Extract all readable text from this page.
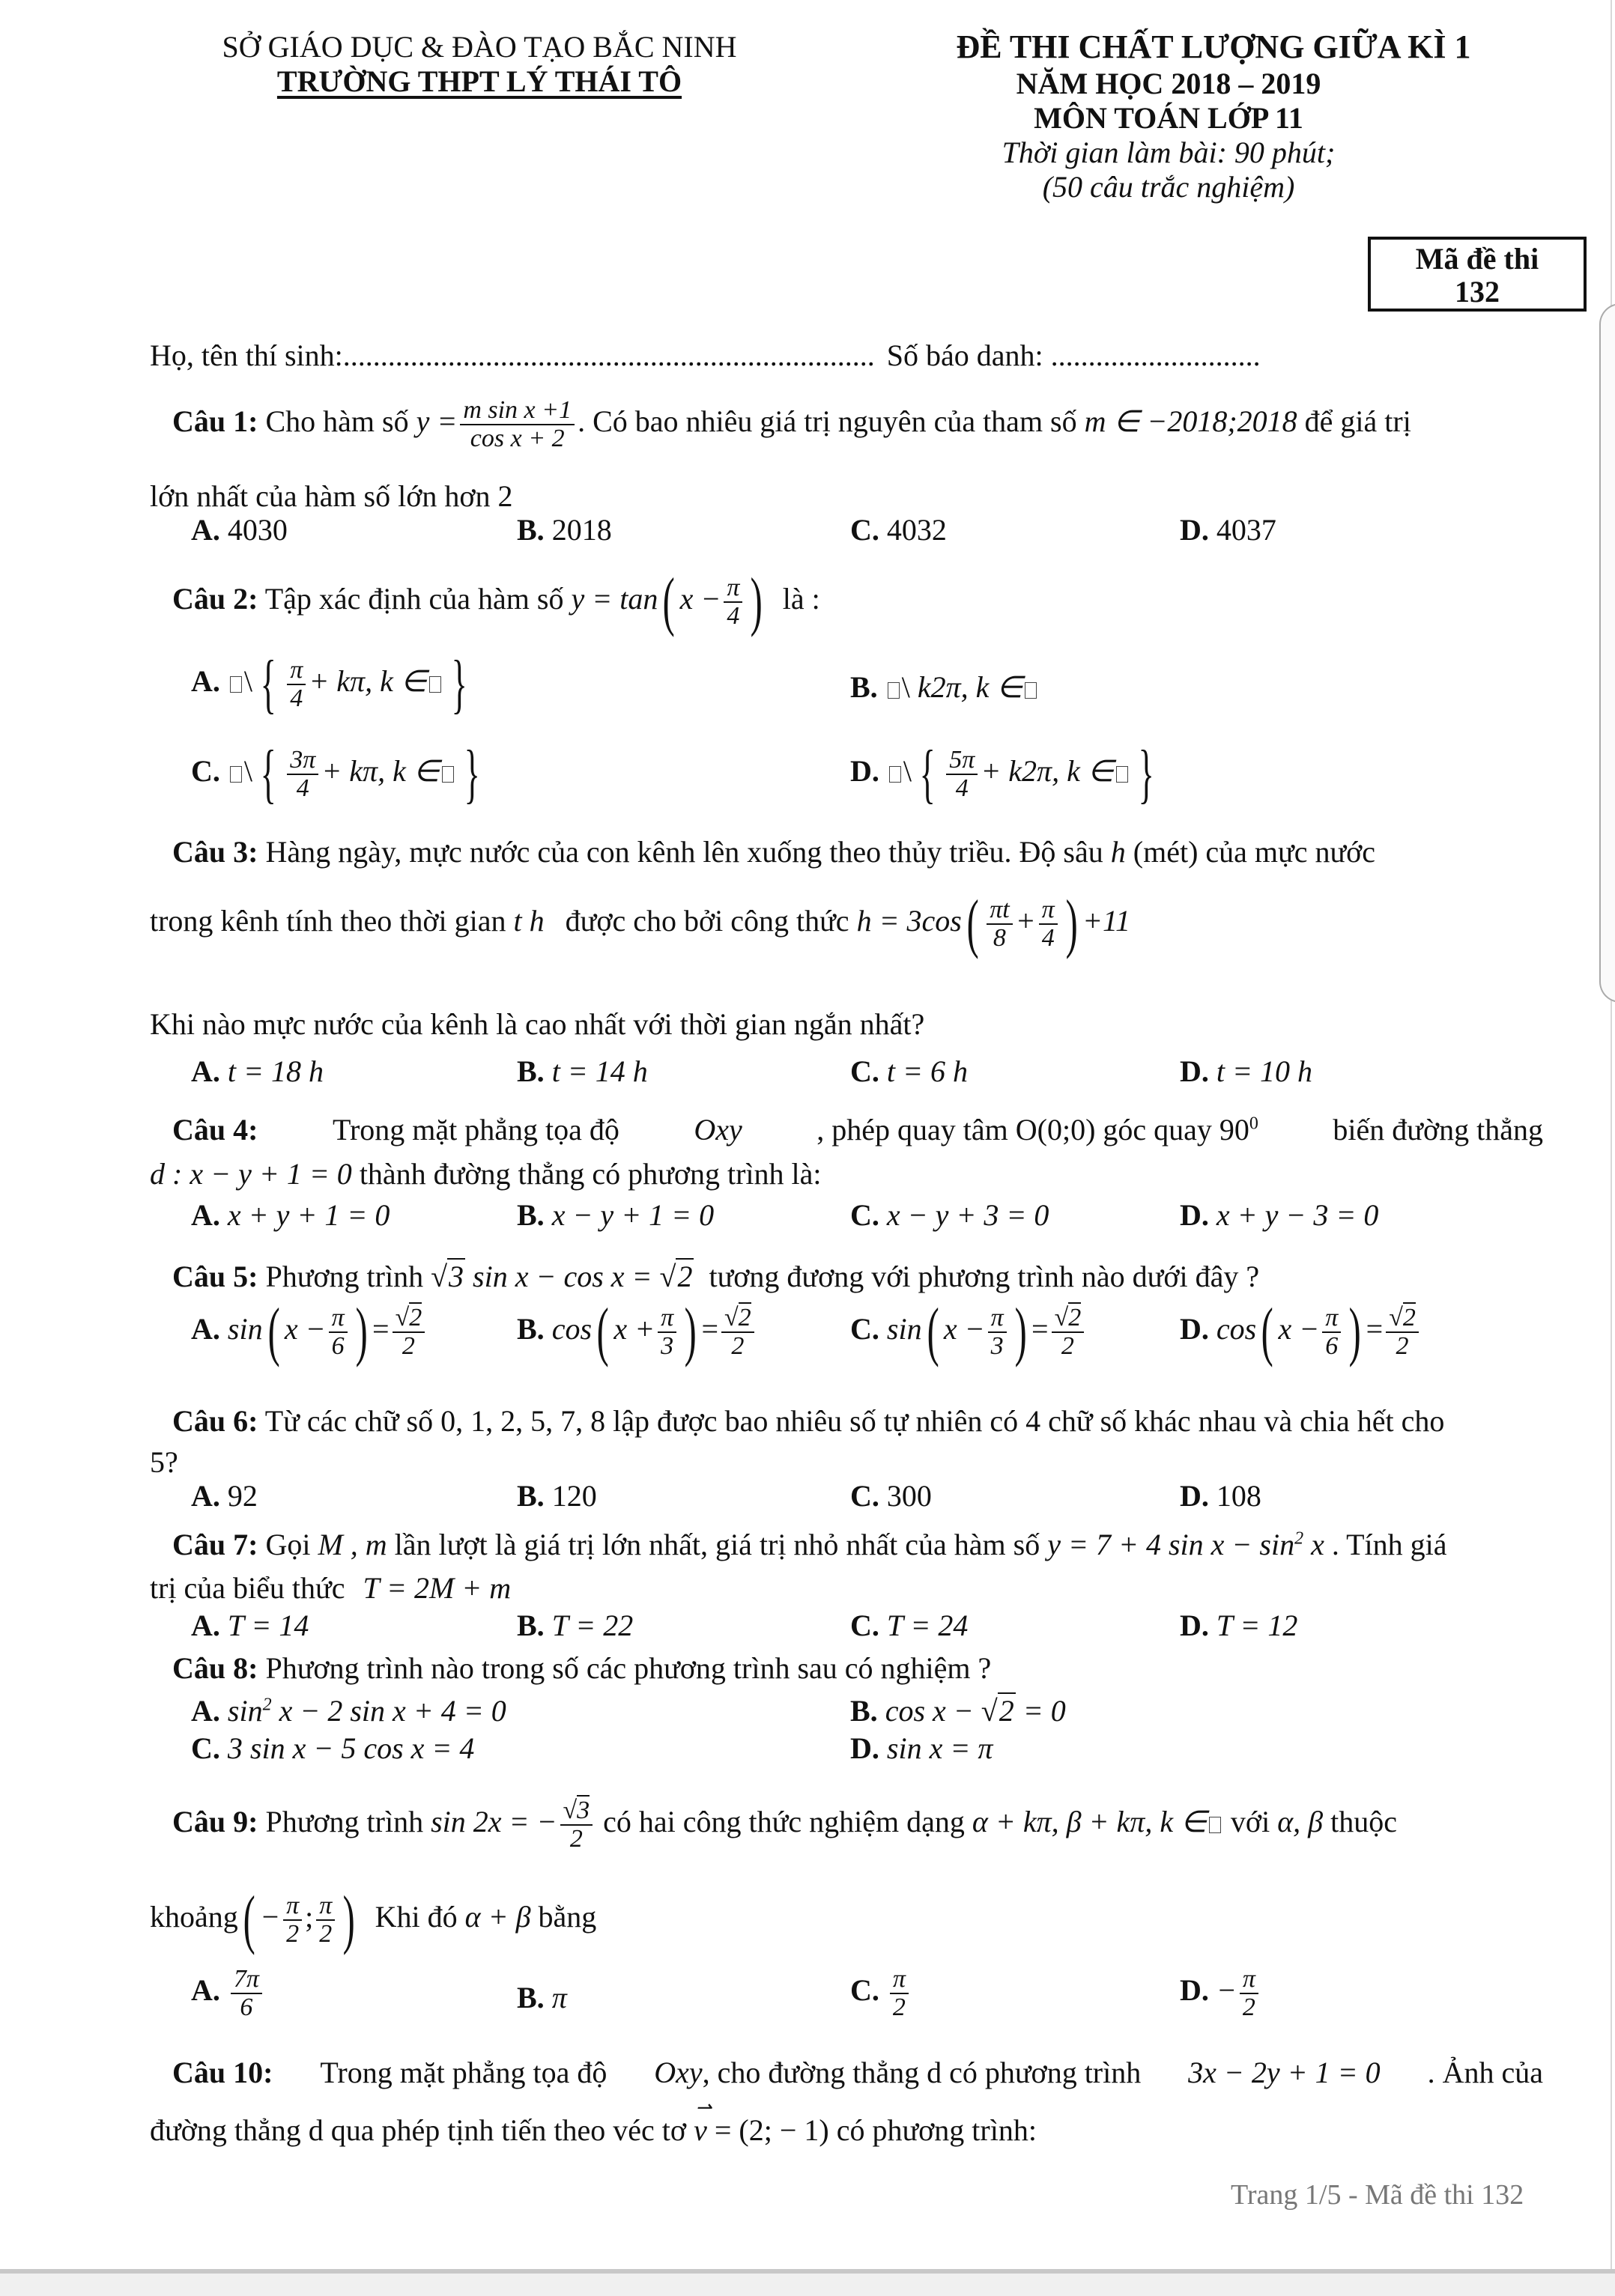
SỞ GIÁO DỤC & ĐÀO TẠO BẮC NINH
TRƯỜNG THPT LÝ THÁI TÔ
ĐỀ THI CHẤT LƯỢNG GIỮA KÌ 1
NĂM HỌC 2018 – 2019
MÔN TOÁN LỚP 11
Thời gian làm bài: 90 phút;
(50 câu trắc nghiệm)
Mã đề thi
132
Họ, tên thí sinh:....................................................................... Số báo danh: ............................
Câu 1: Cho hàm số $y = \frac{\text{m sin x +1}}{\text{cos x + 2}}$ . Có bao nhiêu giá trị nguyên của tham số m ∈ −2018;2018 để giá trị
lớn nhất của hàm số lớn hơn 2
A. 4030	B. 2018	C. 4032	D. 4037
Câu 2: Tập xác định của hàm số y = tan( $x - \frac{\pi}{4}$ ) là :
A. \ { $\frac{\pi}{4} + k\pi$, k ∈ }	B. \ k2π, k ∈
C. \ { $\frac{3\pi}{4} + k\pi$, k ∈ }	D. \ { $\frac{5\pi}{4} + k2\pi$, k ∈ }
Câu 3: Hàng ngày, mực nước của con kênh lên xuống theo thủy triều. Độ sâu h (mét) của mực nước
trong kênh tính theo thời gian t h được cho bởi công thức $h = 3\cos( \frac{\pi t}{8} + \frac{\pi}{4}$ ) +11
Khi nào mực nước của kênh là cao nhất với thời gian ngắn nhất?
A. t = 18 h	B. t = 14 h	C. t = 6 h	D. t = 10 h
Câu 4: Trong mặt phẳng tọa độ Oxy , phép quay tâm O(0;0) góc quay $90^0$ biến đường thẳng
d : x − y + 1 = 0 thành đường thẳng có phương trình là:
A. x + y + 1 = 0	B. x − y + 1 = 0	C. x − y + 3 = 0	D. x + y − 3 = 0
Câu 5: Phương trình √3 sin x − cos x = √2 tương đương với phương trình nào dưới đây ?
A. sin( $x - \frac{\pi}{6}$ ) = $\frac{√2}{2}$	B. cos( $x + \frac{\pi}{3}$ ) = $\frac{√2}{2}$	C. sin( $x - \frac{\pi}{3}$ ) = $\frac{√2}{2}$	D. cos( $x - \frac{\pi}{6}$ ) = $\frac{√2}{2}$
Câu 6: Từ các chữ số 0, 1, 2, 5, 7, 8 lập được bao nhiêu số tự nhiên có 4 chữ số khác nhau và chia hết cho
5?
A. 92	B. 120	C. 300	D. 108
Câu 7: Gọi M , m lần lượt là giá trị lớn nhất, giá trị nhỏ nhất của hàm số y = 7 + 4 $\sin x - \sin^2 x$ . Tính giá
trị của biểu thức T = 2M + m
A. T = 14	B. T = 22	C. T = 24	D. T = 12
Câu 8: Phương trình nào trong số các phương trình sau có nghiệm ?
A. $\sin^2 x - 2$ sin x + 4 = 0	B. cos x − √2 = 0
C. 3 sin x − 5 cos x = 4	D. sin x = π
Câu 9: Phương trình sin 2x = − $\frac{√3}{2}$ có hai công thức nghiệm dạng α + kπ, β + kπ, k ∈ với α, β thuộc
khoảng( − $\frac{\pi}{2}$ ; $\frac{\pi}{2}$ ) Khi đó α + β bằng
A. $\frac{7\pi}{6}$	B. π	C. $\frac{\pi}{2}$	D. − $\frac{\pi}{2}$
Câu 10: Trong mặt phẳng tọa độ Oxy, cho đường thẳng d có phương trình 3x − 2y + 1 = 0 . Ảnh của
đường thẳng d qua phép tịnh tiến theo véc tơ
⇀
v = (2; − 1) có phương trình:
Trang 1/5 - Mã đề thi 132
